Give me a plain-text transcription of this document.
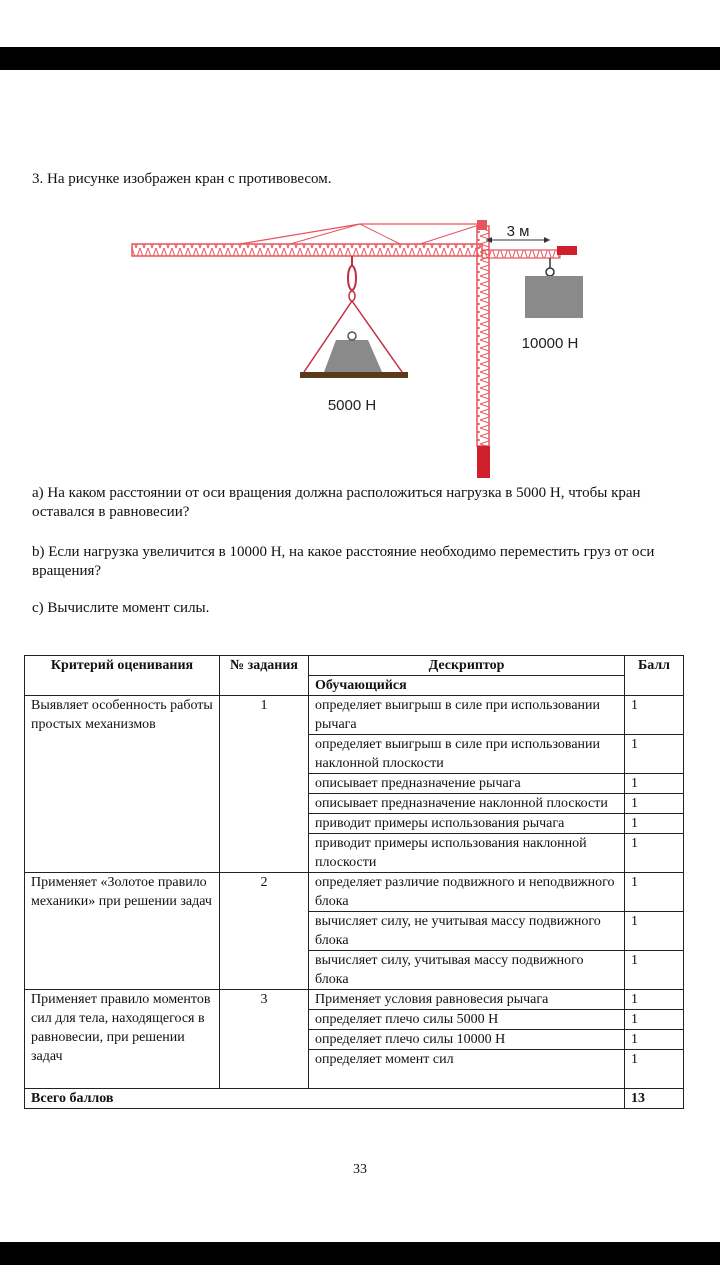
3. На рисунке изображен кран с противовесом.
3 м
10000 Н
5000 Н
a) На каком расстоянии от оси вращения должна расположиться нагрузка в 5000 Н, чтобы кран оставался в равновесии?
b) Если нагрузка увеличится в 10000 Н, на какое расстояние необходимо переместить груз от оси вращения?
c) Вычислите момент силы.
Критерий оценивания	№ задания	Дескриптор	Балл
		Обучающийся	
Выявляет особенность работы простых механизмов	1	определяет выигрыш в силе при использовании рычага	1
		определяет выигрыш в силе при использовании наклонной плоскости	1
		описывает предназначение рычага	1
		описывает предназначение наклонной плоскости	1
		приводит примеры использования рычага	1
		приводит примеры использования наклонной плоскости	1
Применяет «Золотое правило механики» при решении задач	2	определяет различие подвижного и неподвижного блока	1
		вычисляет силу, не учитывая массу подвижного блока	1
		вычисляет силу, учитывая массу подвижного блока	1
Применяет правило моментов сил для тела, находящегося в равновесии, при решении задач	3	Применяет условия равновесия рычага	1
		определяет плечо силы 5000 Н	1
		определяет плечо силы 10000 Н	1
		определяет момент сил	1
Всего баллов			13
33
